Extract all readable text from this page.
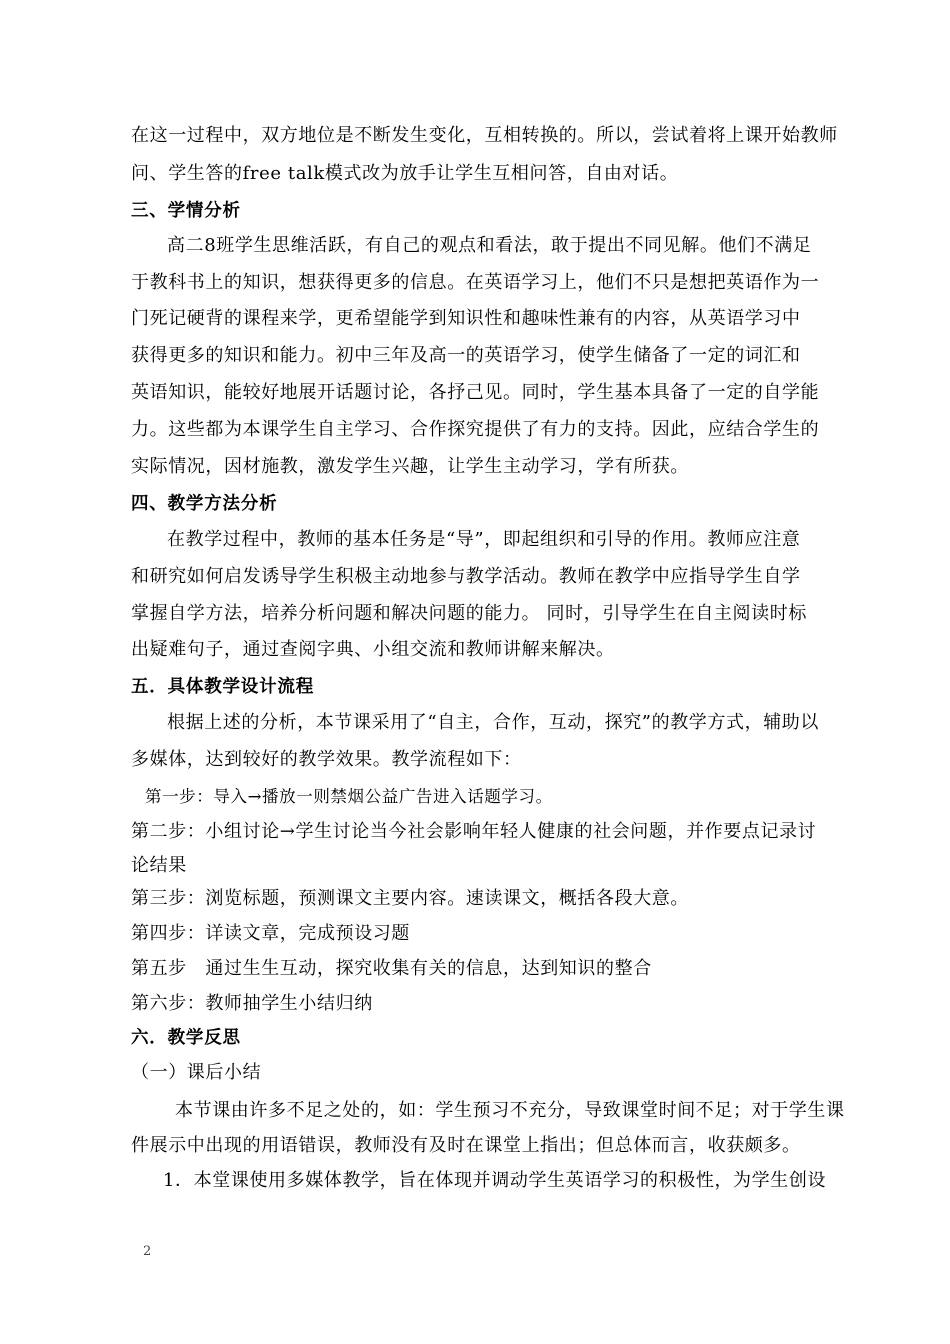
在这一过程中，双方地位是不断发生变化，互相转换的。所以，尝试着将上课开始教师
问、学生答的free talk模式改为放手让学生互相问答，自由对话。
三、学情分析
高二8班学生思维活跃，有自己的观点和看法，敢于提出不同见解。他们不满足
于教科书上的知识，想获得更多的信息。在英语学习上，他们不只是想把英语作为一
门死记硬背的课程来学，更希望能学到知识性和趣味性兼有的内容，从英语学习中
获得更多的知识和能力。初中三年及高一的英语学习，使学生储备了一定的词汇和
英语知识，能较好地展开话题讨论，各抒己见。同时，学生基本具备了一定的自学能
力。这些都为本课学生自主学习、合作探究提供了有力的支持。因此，应结合学生的
实际情况，因材施教，激发学生兴趣，让学生主动学习，学有所获。
四、教学方法分析
在教学过程中，教师的基本任务是“导”，即起组织和引导的作用。教师应注意
和研究如何启发诱导学生积极主动地参与教学活动。教师在教学中应指导学生自学
掌握自学方法，培养分析问题和解决问题的能力。 同时，引导学生在自主阅读时标
出疑难句子，通过查阅字典、小组交流和教师讲解来解决。
五．具体教学设计流程
根据上述的分析，本节课采用了“自主，合作，互动，探究”的教学方式，辅助以
多媒体，达到较好的教学效果。教学流程如下：
第一步：导入→播放一则禁烟公益广告进入话题学习。
第二步：小组讨论→学生讨论当今社会影响年轻人健康的社会问题，并作要点记录讨
论结果
第三步：浏览标题，预测课文主要内容。速读课文，概括各段大意。
第四步：详读文章，完成预设习题
第五步　通过生生互动，探究收集有关的信息，达到知识的整合
第六步：教师抽学生小结归纳
六．教学反思
（一）课后小结
本节课由许多不足之处的，如：学生预习不充分，导致课堂时间不足；对于学生课
件展示中出现的用语错误，教师没有及时在课堂上指出；但总体而言，收获颇多。
1．本堂课使用多媒体教学，旨在体现并调动学生英语学习的积极性，为学生创设
2
